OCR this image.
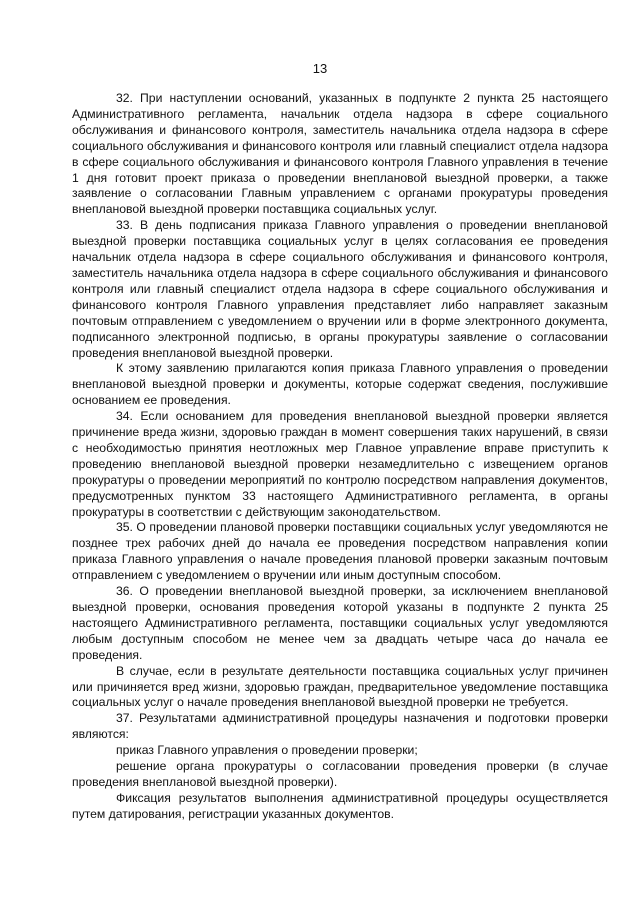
13

32. При наступлении оснований, указанных в подпункте 2 пункта 25 настоящего Административного регламента, начальник отдела надзора в сфере социального обслуживания и финансового контроля, заместитель начальника отдела надзора в сфере социального обслуживания и финансового контроля или главный специалист отдела надзора в сфере социального обслуживания и финансового контроля Главного управления в течение 1 дня готовит проект приказа о проведении внеплановой выездной проверки, а также заявление о согласовании Главным управлением с органами прокуратуры проведения внеплановой выездной проверки поставщика социальных услуг.

33. В день подписания приказа Главного управления о проведении внеплановой выездной проверки поставщика социальных услуг в целях согласования ее проведения начальник отдела надзора в сфере социального обслуживания и финансового контроля, заместитель начальника отдела надзора в сфере социального обслуживания и финансового контроля или главный специалист отдела надзора в сфере социального обслуживания и финансового контроля Главного управления представляет либо направляет заказным почтовым отправлением с уведомлением о вручении или в форме электронного документа, подписанного электронной подписью, в органы прокуратуры заявление о согласовании проведения внеплановой выездной проверки.

К этому заявлению прилагаются копия приказа Главного управления о проведении внеплановой выездной проверки и документы, которые содержат сведения, послужившие основанием ее проведения.

34. Если основанием для проведения внеплановой выездной проверки является причинение вреда жизни, здоровью граждан в момент совершения таких нарушений, в связи с необходимостью принятия неотложных мер Главное управление вправе приступить к проведению внеплановой выездной проверки незамедлительно с извещением органов прокуратуры о проведении мероприятий по контролю посредством направления документов, предусмотренных пунктом 33 настоящего Административного регламента, в органы прокуратуры в соответствии с действующим законодательством.

35. О проведении плановой проверки поставщики социальных услуг уведомляются не позднее трех рабочих дней до начала ее проведения посредством направления копии приказа Главного управления о начале проведения плановой проверки заказным почтовым отправлением с уведомлением о вручении или иным доступным способом.

36. О проведении внеплановой выездной проверки, за исключением внеплановой выездной проверки, основания проведения которой указаны в подпункте 2 пункта 25 настоящего Административного регламента, поставщики социальных услуг уведомляются любым доступным способом не менее чем за двадцать четыре часа до начала ее проведения.

В случае, если в результате деятельности поставщика социальных услуг причинен или причиняется вред жизни, здоровью граждан, предварительное уведомление поставщика социальных услуг о начале проведения внеплановой выездной проверки не требуется.

37. Результатами административной процедуры назначения и подготовки проверки являются:

приказ Главного управления о проведении проверки;

решение органа прокуратуры о согласовании проведения проверки (в случае проведения внеплановой выездной проверки).

Фиксация результатов выполнения административной процедуры осуществляется путем датирования, регистрации указанных документов.
